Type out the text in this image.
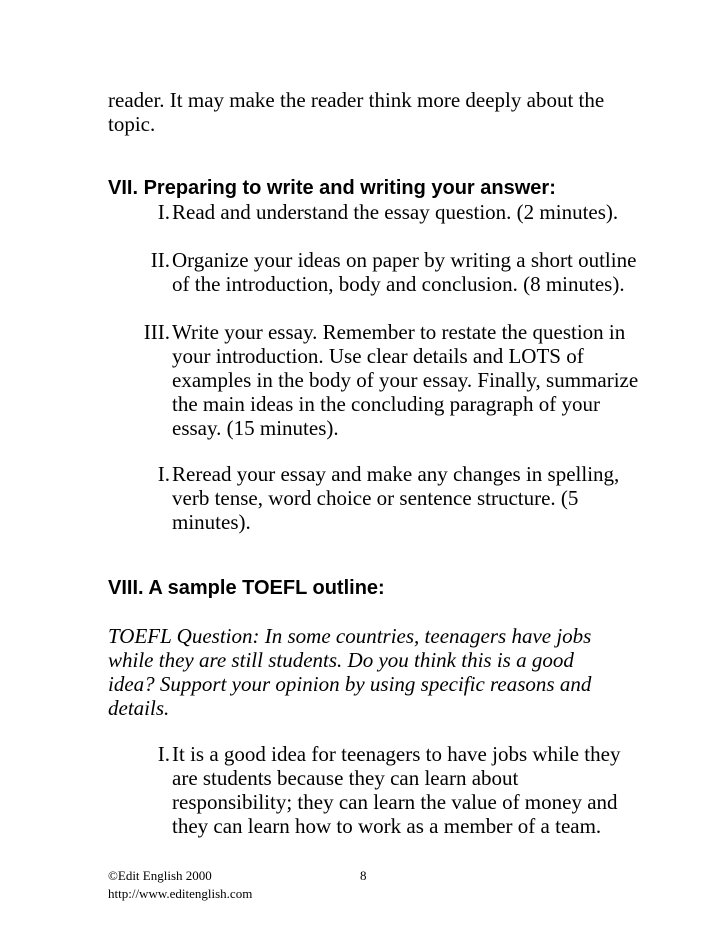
reader. It may make the reader think more deeply about the topic.
VII. Preparing to write and writing your answer:
I. Read and understand the essay question. (2 minutes).
II. Organize your ideas on paper by writing a short outline of the introduction, body and conclusion. (8 minutes).
III. Write your essay. Remember to restate the question in your introduction. Use clear details and LOTS of examples in the body of your essay. Finally, summarize the main ideas in the concluding paragraph of your essay. (15 minutes).
I. Reread your essay and make any changes in spelling, verb tense, word choice or sentence structure. (5 minutes).
VIII. A sample TOEFL outline:
TOEFL Question: In some countries, teenagers have jobs while they are still students. Do you think this is a good idea? Support your opinion by using specific reasons and details.
I. It is a good idea for teenagers to have jobs while they are students because they can learn about responsibility; they can learn the value of money and they can learn how to work as a member of a team.
©Edit English 2000
http://www.editenglish.com
8
